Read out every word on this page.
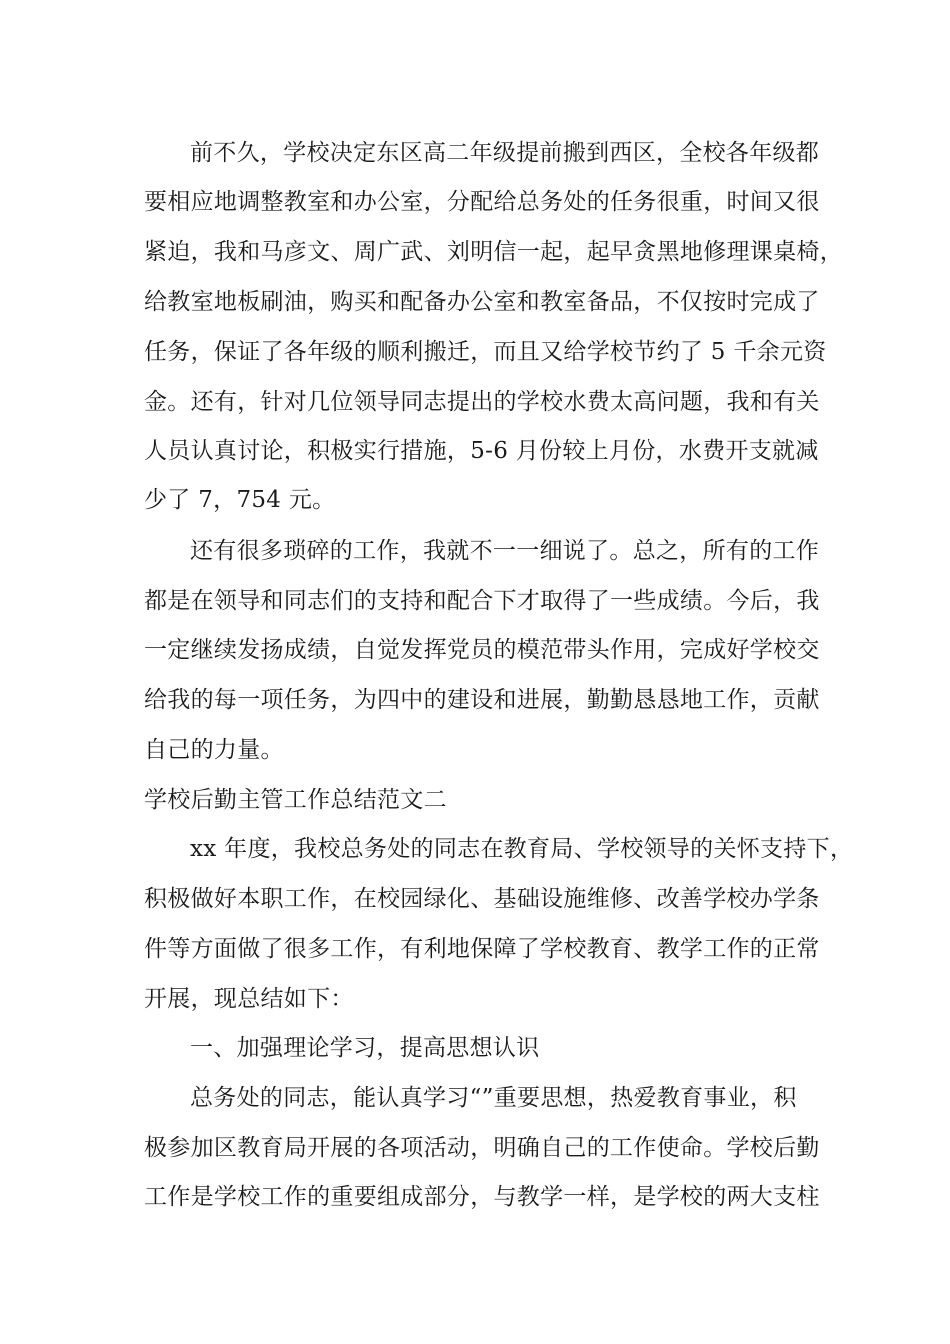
前不久，学校决定东区高二年级提前搬到西区，全校各年级都
要相应地调整教室和办公室，分配给总务处的任务很重，时间又很
紧迫，我和马彦文、周广武、刘明信一起，起早贪黑地修理课桌椅，
给教室地板刷油，购买和配备办公室和教室备品，不仅按时完成了
任务，保证了各年级的顺利搬迁，而且又给学校节约了 5 千余元资
金。还有，针对几位领导同志提出的学校水费太高问题，我和有关
人员认真讨论，积极实行措施，5-6 月份较上月份，水费开支就减
少了 7，754 元。
还有很多琐碎的工作，我就不一一细说了。总之，所有的工作
都是在领导和同志们的支持和配合下才取得了一些成绩。今后，我
一定继续发扬成绩，自觉发挥党员的模范带头作用，完成好学校交
给我的每一项任务，为四中的建设和进展，勤勤恳恳地工作，贡献
自己的力量。
学校后勤主管工作总结范文二
xx 年度，我校总务处的同志在教育局、学校领导的关怀支持下，
积极做好本职工作，在校园绿化、基础设施维修、改善学校办学条
件等方面做了很多工作，有利地保障了学校教育、教学工作的正常
开展，现总结如下：
一、加强理论学习，提高思想认识
总务处的同志，能认真学习“”重要思想，热爱教育事业，积
极参加区教育局开展的各项活动，明确自己的工作使命。学校后勤
工作是学校工作的重要组成部分，与教学一样，是学校的两大支柱
